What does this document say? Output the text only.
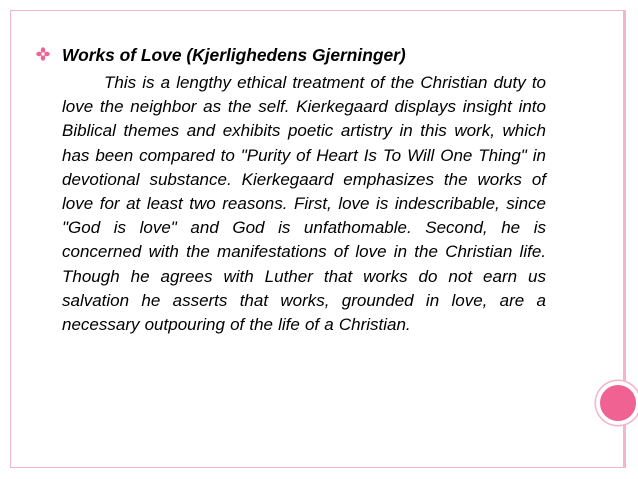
Works of Love (Kjerlighedens Gjerninger)

This is a lengthy ethical treatment of the Christian duty to love the neighbor as the self. Kierkegaard displays insight into Biblical themes and exhibits poetic artistry in this work, which has been compared to "Purity of Heart Is To Will One Thing" in devotional substance. Kierkegaard emphasizes the works of love for at least two reasons. First, love is indescribable, since "God is love" and God is unfathomable. Second, he is concerned with the manifestations of love in the Christian life. Though he agrees with Luther that works do not earn us salvation he asserts that works, grounded in love, are a necessary outpouring of the life of a Christian.
